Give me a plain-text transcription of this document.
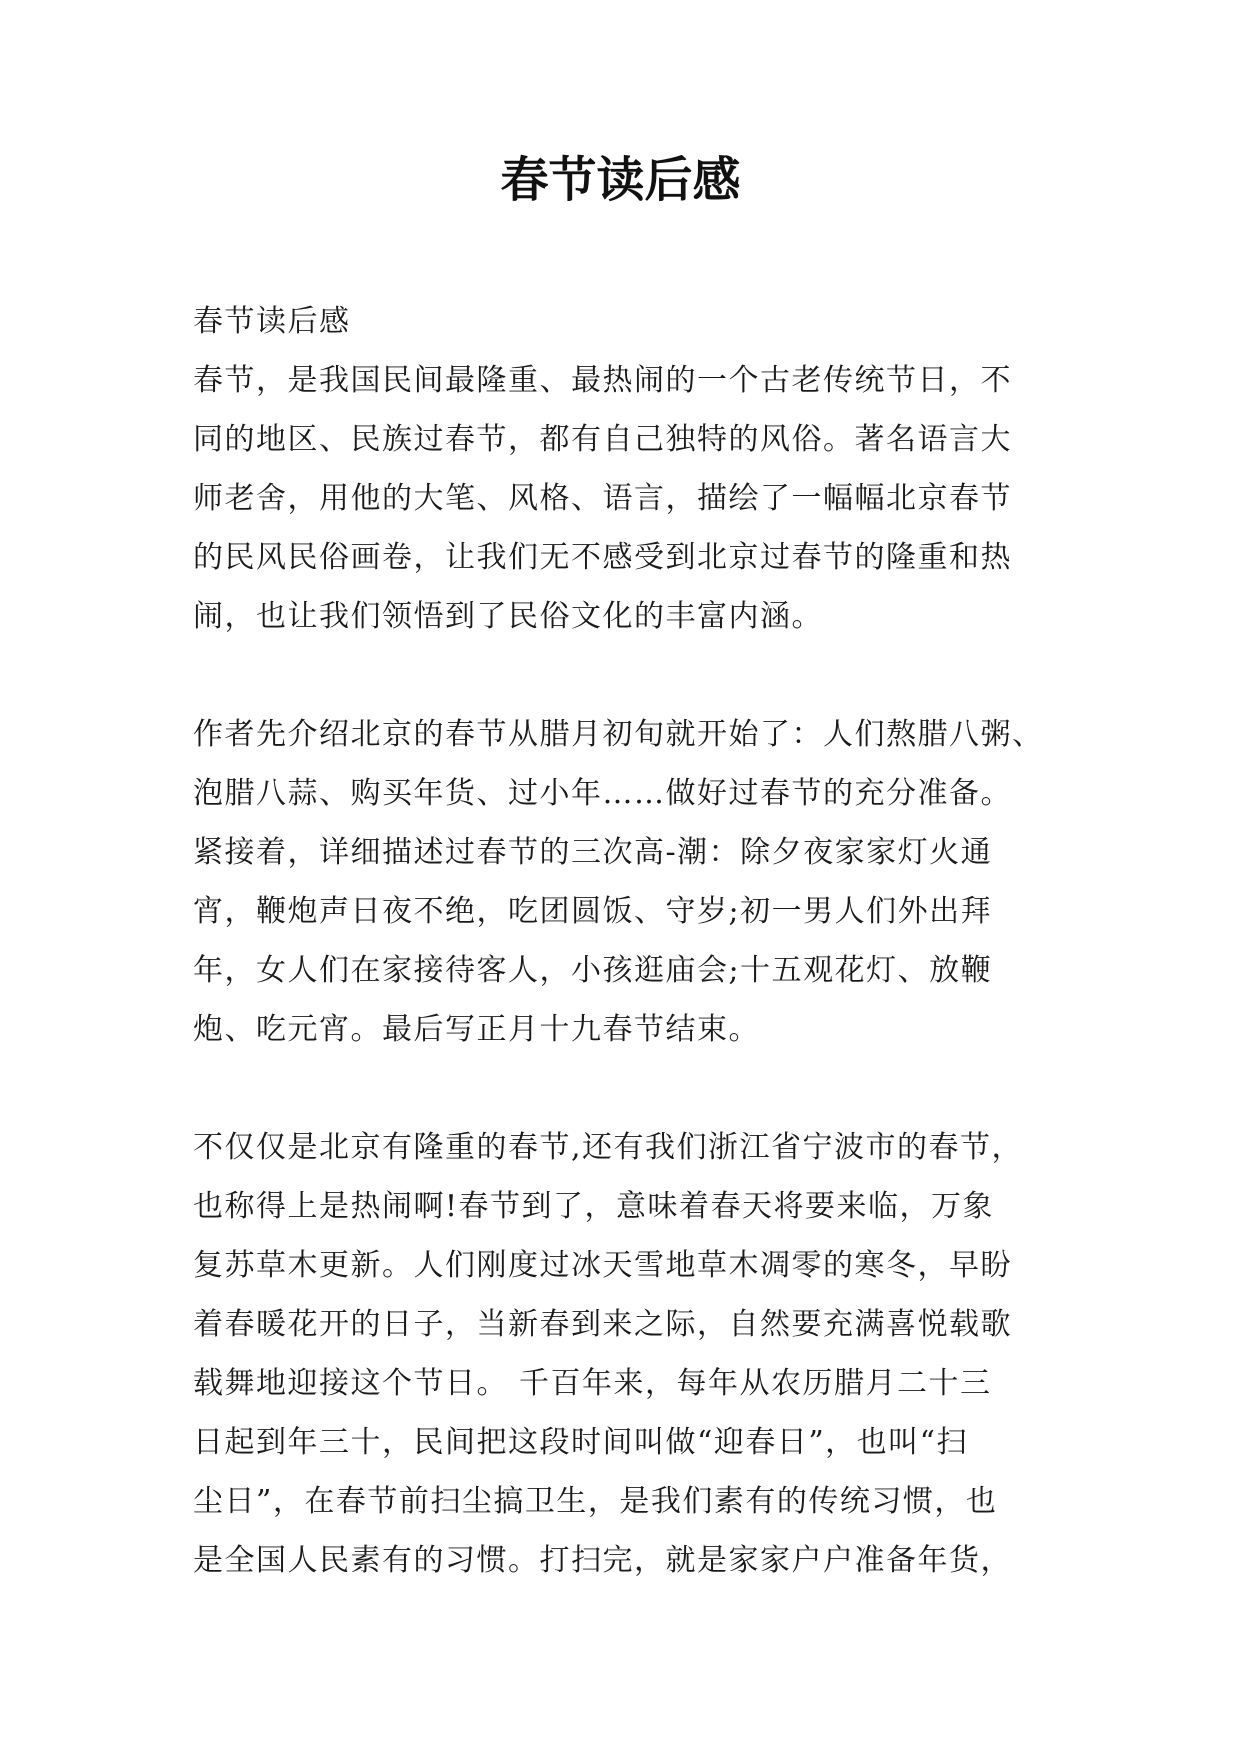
春节读后感
春节读后感
春节，是我国民间最隆重、最热闹的一个古老传统节日，不
同的地区、民族过春节，都有自己独特的风俗。著名语言大
师老舍，用他的大笔、风格、语言，描绘了一幅幅北京春节
的民风民俗画卷，让我们无不感受到北京过春节的隆重和热
闹，也让我们领悟到了民俗文化的丰富内涵。
作者先介绍北京的春节从腊月初旬就开始了：人们熬腊八粥、
泡腊八蒜、购买年货、过小年……做好过春节的充分准备。
紧接着，详细描述过春节的三次高-潮：除夕夜家家灯火通
宵，鞭炮声日夜不绝，吃团圆饭、守岁;初一男人们外出拜
年，女人们在家接待客人，小孩逛庙会;十五观花灯、放鞭
炮、吃元宵。最后写正月十九春节结束。
不仅仅是北京有隆重的春节,还有我们浙江省宁波市的春节，
也称得上是热闹啊!春节到了，意味着春天将要来临，万象
复苏草木更新。人们刚度过冰天雪地草木凋零的寒冬，早盼
着春暖花开的日子，当新春到来之际，自然要充满喜悦载歌
载舞地迎接这个节日。 千百年来，每年从农历腊月二十三
日起到年三十，民间把这段时间叫做“迎春日”，也叫“扫
尘日”，在春节前扫尘搞卫生，是我们素有的传统习惯，也
是全国人民素有的习惯。打扫完，就是家家户户准备年货，
